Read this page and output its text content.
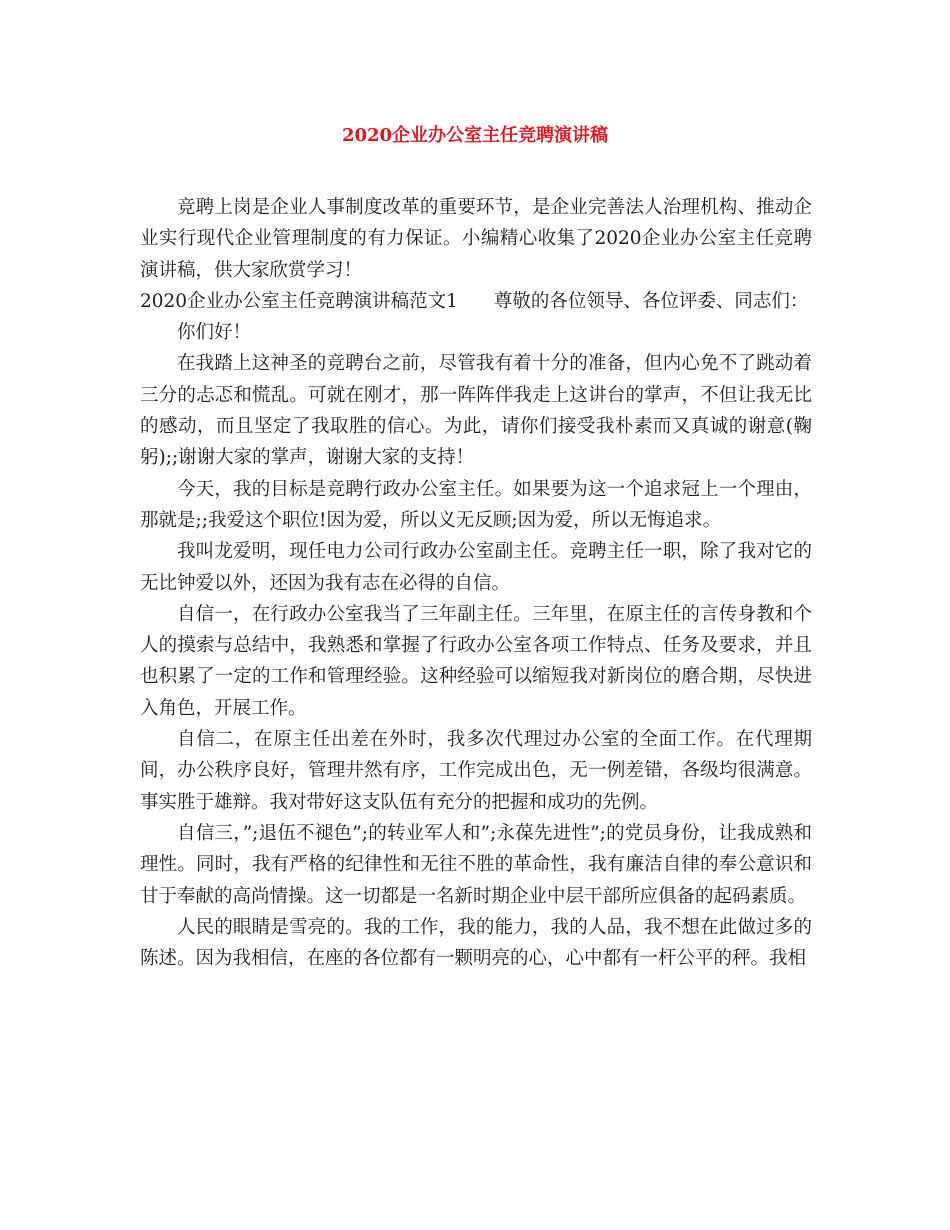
2020企业办公室主任竞聘演讲稿

竞聘上岗是企业人事制度改革的重要环节，是企业完善法人治理机构、推动企业实行现代企业管理制度的有力保证。小编精心收集了2020企业办公室主任竞聘演讲稿，供大家欣赏学习！

2020企业办公室主任竞聘演讲稿范文1 尊敬的各位领导、各位评委、同志们：

你们好！

在我踏上这神圣的竞聘台之前，尽管我有着十分的准备，但内心免不了跳动着三分的忐忑和慌乱。可就在刚才，那一阵阵伴我走上这讲台的掌声，不但让我无比的感动，而且坚定了我取胜的信心。为此，请你们接受我朴素而又真诚的谢意(鞠躬);;谢谢大家的掌声，谢谢大家的支持！

今天，我的目标是竞聘行政办公室主任。如果要为这一个追求冠上一个理由，那就是;;我爱这个职位!因为爱，所以义无反顾;因为爱，所以无悔追求。

我叫龙爱明，现任电力公司行政办公室副主任。竞聘主任一职，除了我对它的无比钟爱以外，还因为我有志在必得的自信。

自信一，在行政办公室我当了三年副主任。三年里，在原主任的言传身教和个人的摸索与总结中，我熟悉和掌握了行政办公室各项工作特点、任务及要求，并且也积累了一定的工作和管理经验。这种经验可以缩短我对新岗位的磨合期，尽快进入角色，开展工作。

自信二，在原主任出差在外时，我多次代理过办公室的全面工作。在代理期间，办公秩序良好，管理井然有序，工作完成出色，无一例差错，各级均很满意。事实胜于雄辩。我对带好这支队伍有充分的把握和成功的先例。

自信三，”;退伍不褪色”;的转业军人和”;永葆先进性”;的党员身份，让我成熟和理性。同时，我有严格的纪律性和无往不胜的革命性，我有廉洁自律的奉公意识和甘于奉献的高尚情操。这一切都是一名新时期企业中层干部所应俱备的起码素质。

人民的眼睛是雪亮的。我的工作，我的能力，我的人品，我不想在此做过多的陈述。因为我相信，在座的各位都有一颗明亮的心，心中都有一杆公平的秤。我相
